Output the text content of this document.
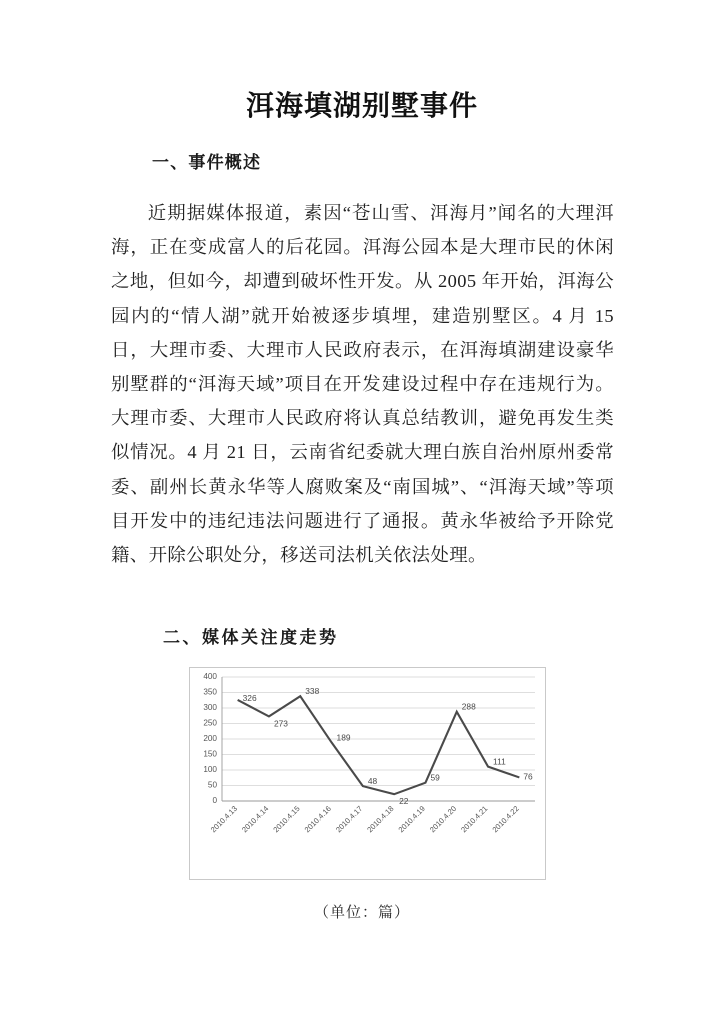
洱海填湖别墅事件
一、事件概述
近期据媒体报道，素因“苍山雪、洱海月”闻名的大理洱海，正在变成富人的后花园。洱海公园本是大理市民的休闲之地，但如今，却遭到破坏性开发。从 2005 年开始，洱海公园内的“情人湖”就开始被逐步填埋，建造别墅区。4 月 15 日，大理市委、大理市人民政府表示，在洱海填湖建设豪华别墅群的“洱海天域”项目在开发建设过程中存在违规行为。大理市委、大理市人民政府将认真总结教训，避免再发生类似情况。4 月 21 日，云南省纪委就大理白族自治州原州委常委、副州长黄永华等人腐败案及“南国城”、“洱海天域”等项目开发中的违纪违法问题进行了通报。黄永华被给予开除党籍、开除公职处分，移送司法机关依法处理。
二、媒体关注度走势
0
50
100
150
200
250
300
350
400
2010.4.13 2010.4.14 2010.4.15 2010.4.16 2010.4.17 2010.4.18 2010.4.19 2010.4.20 2010.4.21 2010.4.22
326
273
338
189
48
22
59
288
111
76
（单位：篇）
